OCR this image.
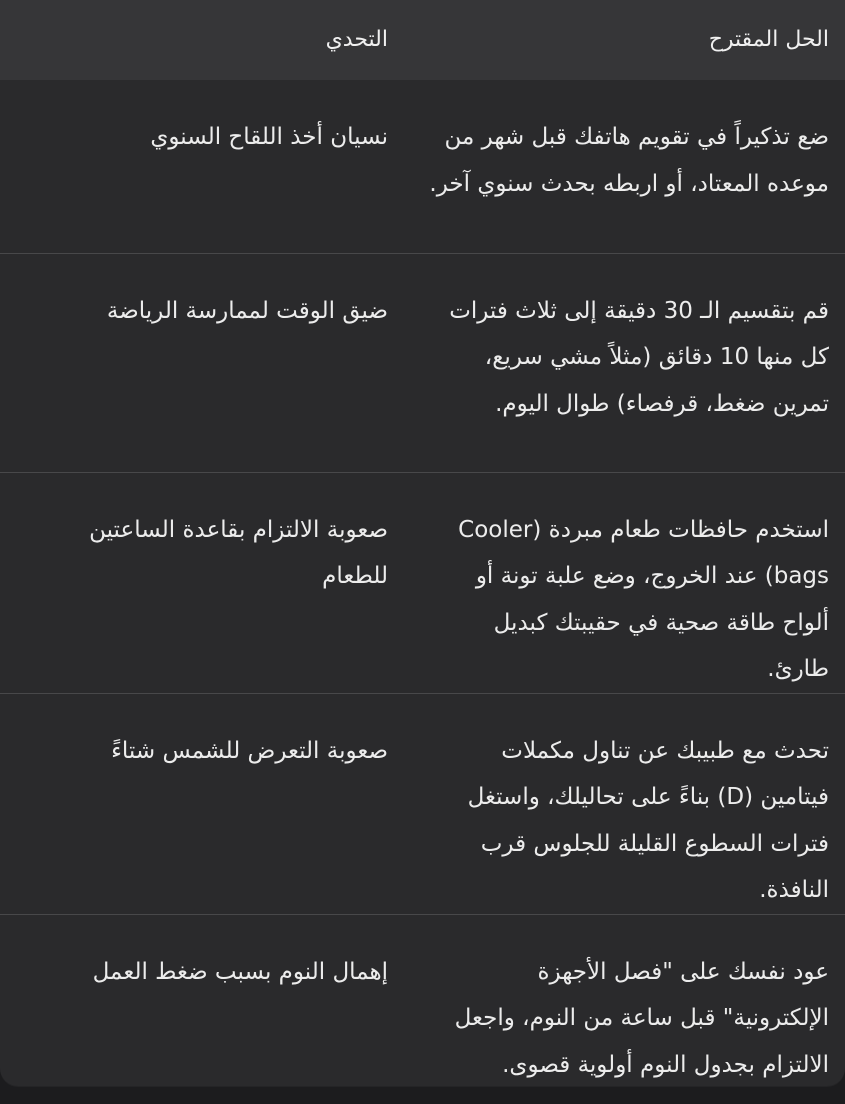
الحل المقترح	التحدي
ضع تذكيراً في تقويم هاتفك قبل شهر من موعده المعتاد، أو اربطه بحدث سنوي آخر.	نسيان أخذ اللقاح السنوي
قم بتقسيم الـ 30 دقيقة إلى ثلاث فترات كل منها 10 دقائق (مثلاً مشي سريع، تمرين ضغط، قرفصاء) طوال اليوم.	ضيق الوقت لممارسة الرياضة
استخدم حافظات طعام مبردة (Cooler bags) عند الخروج، وضع علبة تونة أو ألواح طاقة صحية في حقيبتك كبديل طارئ.	صعوبة الالتزام بقاعدة الساعتين للطعام
تحدث مع طبيبك عن تناول مكملات فيتامين (D) بناءً على تحاليلك، واستغل فترات السطوع القليلة للجلوس قرب النافذة.	صعوبة التعرض للشمس شتاءً
عود نفسك على "فصل الأجهزة الإلكترونية" قبل ساعة من النوم، واجعل الالتزام بجدول النوم أولوية قصوى.	إهمال النوم بسبب ضغط العمل
